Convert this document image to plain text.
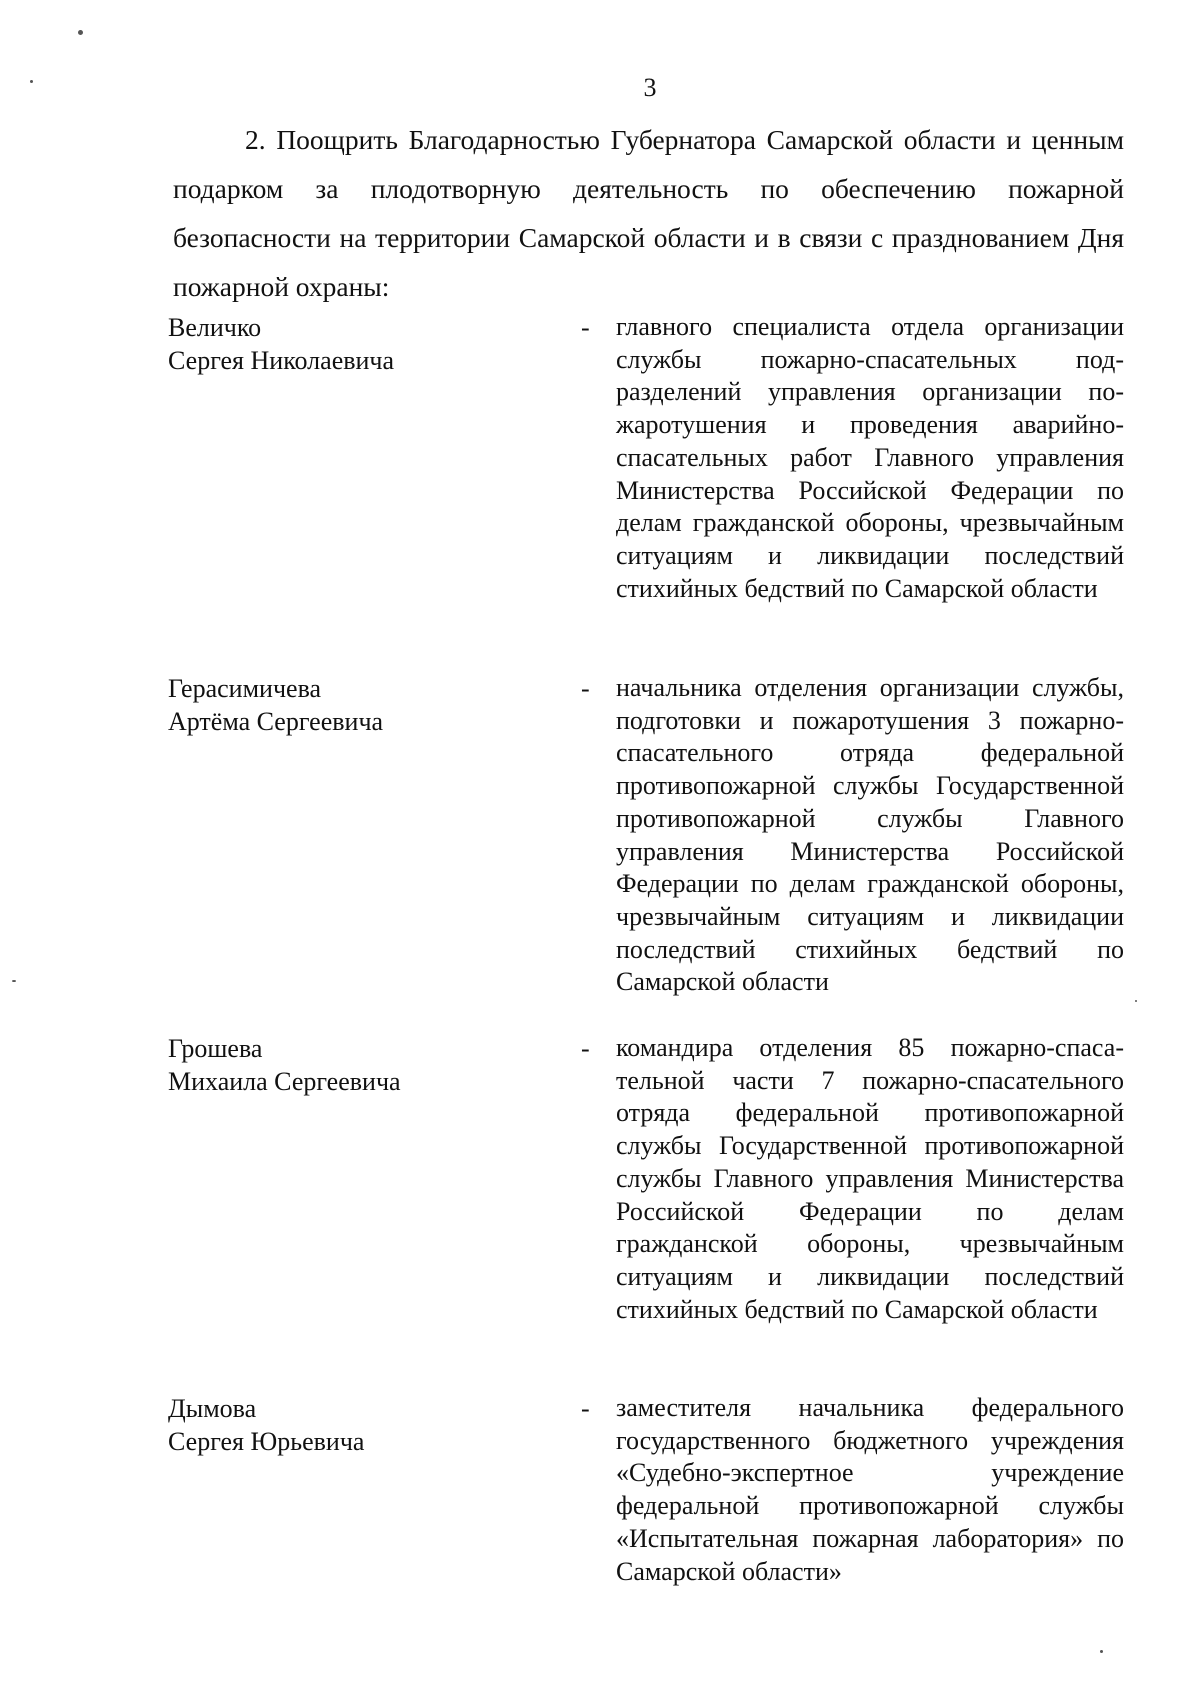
3

2. Поощрить Благодарностью Губернатора Самарской области и ценным подарком за плодотворную деятельность по обеспечению пожарной безопасности на территории Самарской области и в связи с празднованием Дня пожарной охраны:

Величко
Сергея Николаевича
- главного специалиста отдела организации службы пожарно-спасательных подразделений управления организации пожаротушения и проведения аварийно-спасательных работ Главного управления Министерства Российской Федерации по делам гражданской обороны, чрезвычайным ситуациям и ликвидации последствий стихийных бедствий по Самарской области
Герасимичева
Артёма Сергеевича
- начальника отделения организации службы, подготовки и пожаротушения 3 пожарно-спасательного отряда федеральной противопожарной службы Государственной противопожарной службы Главного управления Министерства Российской Федерации по делам гражданской обороны, чрезвычайным ситуациям и ликвидации последствий стихийных бедствий по Самарской области
Грошева
Михаила Сергеевича
- командира отделения 85 пожарно-спасательной части 7 пожарно-спасательного отряда федеральной противопожарной службы Государственной противопожарной службы Главного управления Министерства Российской Федерации по делам гражданской обороны, чрезвычайным ситуациям и ликвидации последствий стихийных бедствий по Самарской области
Дымова
Сергея Юрьевича
- заместителя начальника федерального государственного бюджетного учреждения «Судебно-экспертное учреждение федеральной противопожарной службы «Испытательная пожарная лаборатория» по Самарской области»
